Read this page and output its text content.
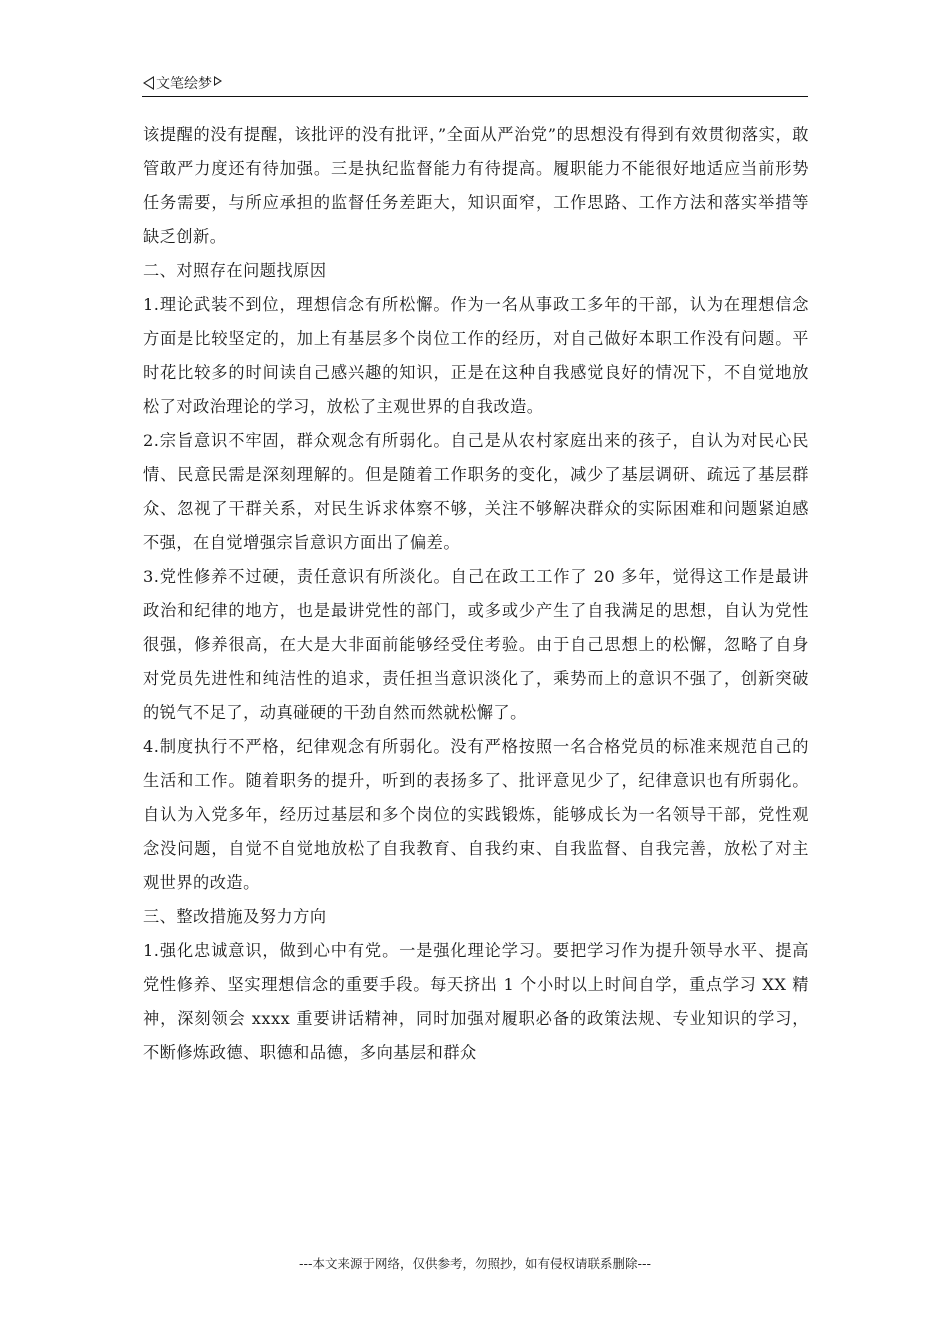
文笔绘梦

该提醒的没有提醒，该批评的没有批评，”全面从严治党”的思想没有得到有效贯彻落实，敢管敢严力度还有待加强。三是执纪监督能力有待提高。履职能力不能很好地适应当前形势任务需要，与所应承担的监督任务差距大，知识面窄，工作思路、工作方法和落实举措等缺乏创新。

二、对照存在问题找原因

1.理论武装不到位，理想信念有所松懈。作为一名从事政工多年的干部，认为在理想信念方面是比较坚定的，加上有基层多个岗位工作的经历，对自己做好本职工作没有问题。平时花比较多的时间读自己感兴趣的知识，正是在这种自我感觉良好的情况下，不自觉地放松了对政治理论的学习，放松了主观世界的自我改造。

2.宗旨意识不牢固，群众观念有所弱化。自己是从农村家庭出来的孩子，自认为对民心民情、民意民需是深刻理解的。但是随着工作职务的变化，减少了基层调研、疏远了基层群众、忽视了干群关系，对民生诉求体察不够，关注不够解决群众的实际困难和问题紧迫感不强，在自觉增强宗旨意识方面出了偏差。

3.党性修养不过硬，责任意识有所淡化。自己在政工工作了 20 多年，觉得这工作是最讲政治和纪律的地方，也是最讲党性的部门，或多或少产生了自我满足的思想，自认为党性很强，修养很高，在大是大非面前能够经受住考验。由于自己思想上的松懈，忽略了自身对党员先进性和纯洁性的追求，责任担当意识淡化了，乘势而上的意识不强了，创新突破的锐气不足了，动真碰硬的干劲自然而然就松懈了。

4.制度执行不严格，纪律观念有所弱化。没有严格按照一名合格党员的标准来规范自己的生活和工作。随着职务的提升，听到的表扬多了、批评意见少了，纪律意识也有所弱化。自认为入党多年，经历过基层和多个岗位的实践锻炼，能够成长为一名领导干部，党性观念没问题，自觉不自觉地放松了自我教育、自我约束、自我监督、自我完善，放松了对主观世界的改造。

三、整改措施及努力方向

1.强化忠诚意识，做到心中有党。一是强化理论学习。要把学习作为提升领导水平、提高党性修养、坚实理想信念的重要手段。每天挤出 1 个小时以上时间自学，重点学习 XX 精神，深刻领会 xxxx 重要讲话精神，同时加强对履职必备的政策法规、专业知识的学习，不断修炼政德、职德和品德，多向基层和群众

---本文来源于网络，仅供参考，勿照抄，如有侵权请联系删除---
